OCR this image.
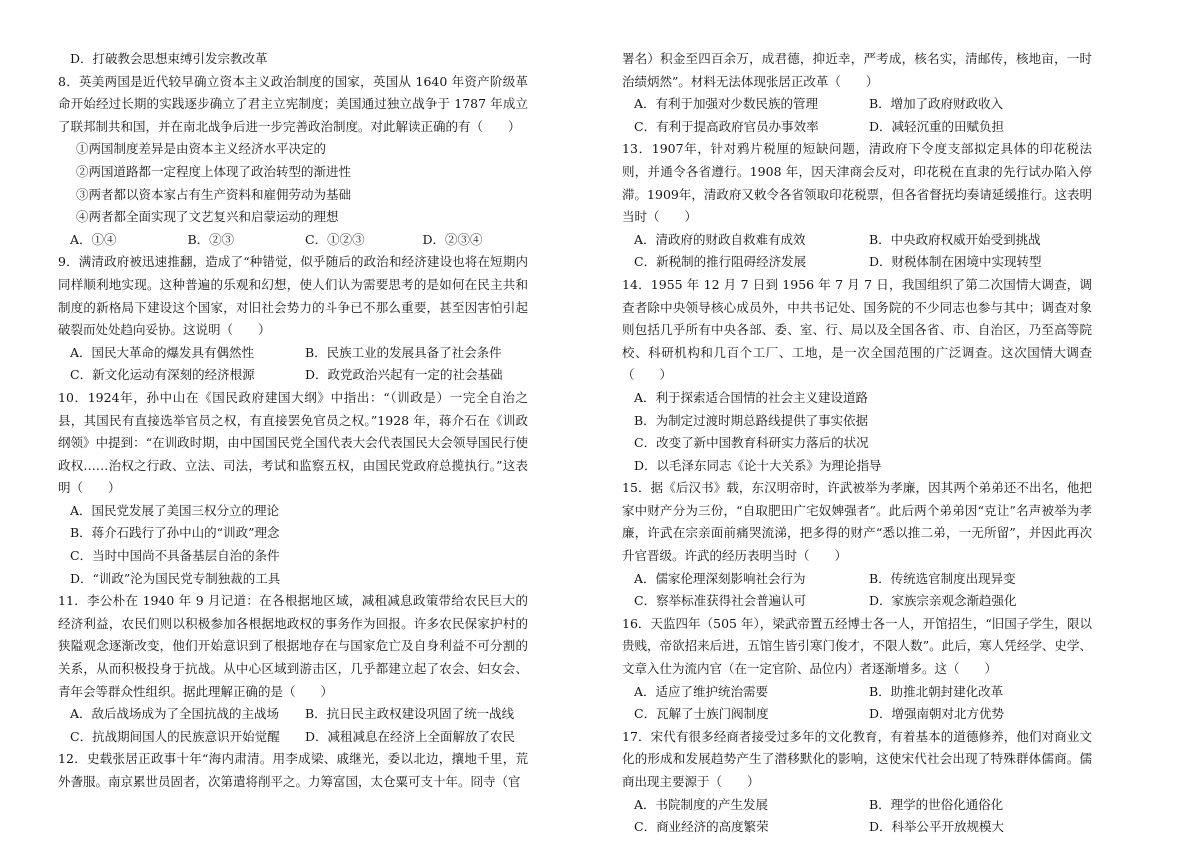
D．打破教会思想束缚引发宗教改革

8．英美两国是近代较早确立资本主义政治制度的国家，英国从 1640 年资产阶级革命开始经过长期的实践逐步确立了君主立宪制度；美国通过独立战争于 1787 年成立了联邦制共和国，并在南北战争后进一步完善政治制度。对此解读正确的有（　　）

①两国制度差异是由资本主义经济水平决定的

②两国道路都一定程度上体现了政治转型的渐进性

③两者都以资本家占有生产资料和雇佣劳动为基础

④两者都全面实现了文艺复兴和启蒙运动的理想

A．①④	B．②③	C．①②③	D．②③④

9．满清政府被迅速推翻，造成了“种错觉，似乎随后的政治和经济建设也将在短期内同样顺利地实现。这种普遍的乐观和幻想，使人们认为需要思考的是如何在民主共和制度的新格局下建设这个国家，对旧社会势力的斗争已不那么重要，甚至因害怕引起破裂而处处趋向妥协。这说明（　　）

A．国民大革命的爆发具有偶然性	B．民族工业的发展具备了社会条件

C．新文化运动有深刻的经济根源	D．政党政治兴起有一定的社会基础

10．1924年，孙中山在《国民政府建国大纲》中指出：“（训政是）一完全自治之县，其国民有直接选举官员之权，有直接罢免官员之权。”1928 年，蒋介石在《训政纲领》中提到：“在训政时期，由中国国民党全国代表大会代表国民大会领导国民行使政权……治权之行政、立法、司法，考试和监察五权，由国民党政府总揽执行。”这表明（　　）

A．国民党发展了美国三权分立的理论

B．蒋介石践行了孙中山的“训政”理念

C．当时中国尚不具备基层自治的条件

D．“训政”沦为国民党专制独裁的工具

11．李公朴在 1940 年 9 月记道：在各根据地区域，减租减息政策带给农民巨大的经济利益，农民们则以积极参加各根据地政权的事务作为回报。许多农民保家护村的狭隘观念逐渐改变，他们开始意识到了根据地存在与国家危亡及自身利益不可分割的关系，从而积极投身于抗战。从中心区域到游击区，几乎都建立起了农会、妇女会、青年会等群众性组织。据此理解正确的是（　　）

A．敌后战场成为了全国抗战的主战场	B．抗日民主政权建设巩固了统一战线

C．抗战期间国人的民族意识开始觉醒	D．减租减息在经济上全面解放了农民

12．史载张居正政事十年“海内肃清。用李成梁、戚继光，委以北边，攘地千里，荒外詟服。南京累世员固者，次第遣将削平之。力筹富国，太仓粟可支十年。冏寺（官

署名）积金至四百余万，成君德，抑近幸，严考成，核名实，清邮传，核地亩，一时治绩炳然”。材料无法体现张居正改革（　　）

A．有利于加强对少数民族的管理	B．增加了政府财政收入

C．有利于提高政府官员办事效率	D．减轻沉重的田赋负担

13．1907年，针对鸦片税厘的短缺问题，清政府下令度支部拟定具体的印花税法则，并通令各省遵行。1908 年，因天津商会反对，印花税在直隶的先行试办陷入停滞。1909年，清政府又敕令各省领取印花税票，但各省督抚均奏请延缓推行。这表明当时（　　）

A．清政府的财政自救难有成效	B．中央政府权威开始受到挑战

C．新税制的推行阻碍经济发展	D．财税体制在困境中实现转型

14．1955 年 12 月 7 日到 1956 年 7 月 7 日，我国组织了第二次国情大调查，调查者除中央领导核心成员外，中共书记处、国务院的不少同志也参与其中；调查对象则包括几乎所有中央各部、委、室、行、局以及全国各省、市、自治区，乃至高等院校、科研机构和几百个工厂、工地，是一次全国范围的广泛调查。这次国情大调查（　　）

A．利于探索适合国情的社会主义建设道路

B．为制定过渡时期总路线提供了事实依据

C．改变了新中国教育科研实力落后的状况

D．以毛泽东同志《论十大关系》为理论指导

15．据《后汉书》载，东汉明帝时，许武被举为孝廉，因其两个弟弟还不出名，他把家中财产分为三份，“自取肥田广宅奴婢强者”。此后两个弟弟因“克让”名声被举为孝廉，许武在宗亲面前痛哭流涕，把多得的财产“悉以推二弟，一无所留”，并因此再次升官晋级。许武的经历表明当时（　　）

A．儒家伦理深刻影响社会行为	B．传统选官制度出现异变

C．察举标准获得社会普遍认可	D．家族宗亲观念渐趋强化

16．天监四年（505 年），梁武帝置五经博士各一人，开馆招生，“旧国子学生，限以贵贱，帝欲招来后进，五馆生皆引寒门俊才，不限人数”。此后，寒人凭经学、史学、文章入仕为流内官（在一定官阶、品位内）者逐渐增多。这（　　）

A．适应了维护统治需要	B．助推北朝封建化改革

C．瓦解了士族门阀制度	D．增强南朝对北方优势

17．宋代有很多经商者接受过多年的文化教育，有着基本的道德修养，他们对商业文化的形成和发展趋势产生了潜移默化的影响，这使宋代社会出现了特殊群体儒商。儒商出现主要源于（　　）

A．书院制度的产生发展	B．理学的世俗化通俗化

C．商业经济的高度繁荣	D．科举公平开放规模大
